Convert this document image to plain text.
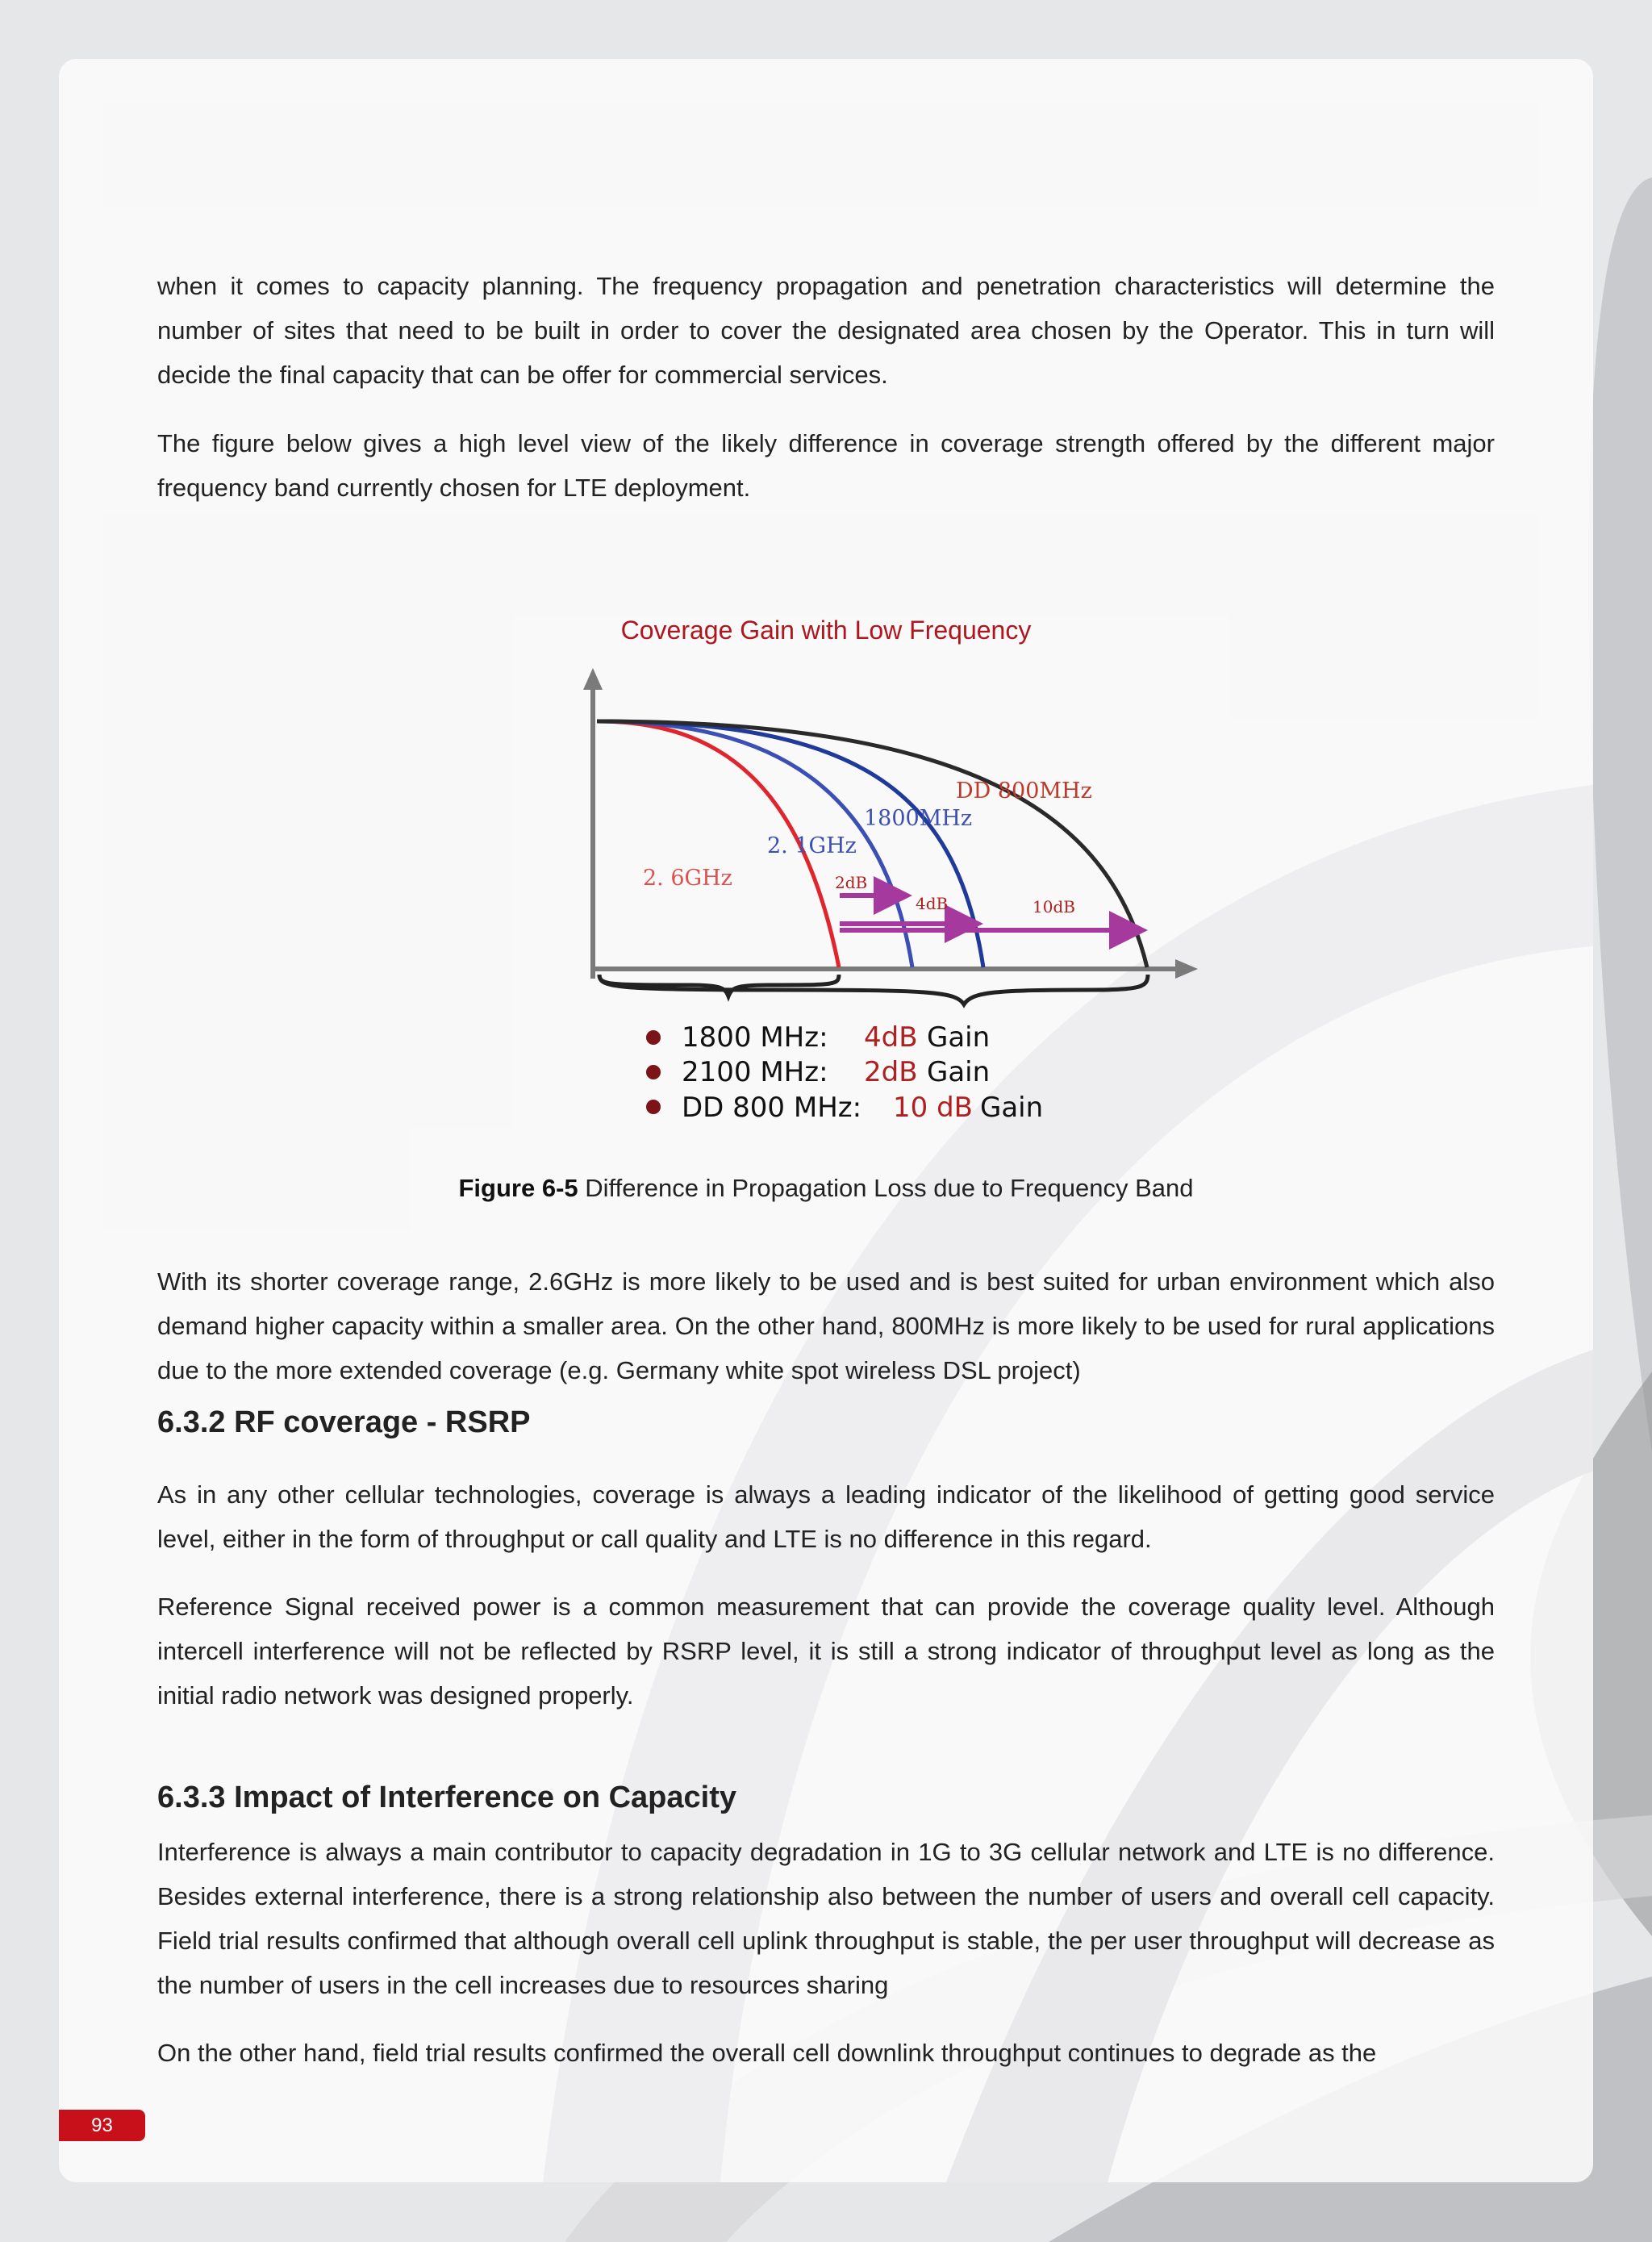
when it comes to capacity planning. The frequency propagation and penetration characteristics will determine the number of sites that need to be built in order to cover the designated area chosen by the Operator. This in turn will decide the final capacity that can be offer for commercial services.

The figure below gives a high level view of the likely difference in coverage strength offered by the different major frequency band currently chosen for LTE deployment.

Coverage Gain with Low Frequency
DD 800MHz
1800MHz
2. 1GHz
2. 6GHz	2dB
4dB	10dB
1800 MHz: 4dB Gain
2100 MHz: 2dB Gain
DD 800 MHz: 10 dB Gain
Figure 6-5 Difference in Propagation Loss due to Frequency Band

With its shorter coverage range, 2.6GHz is more likely to be used and is best suited for urban environment which also demand higher capacity within a smaller area. On the other hand, 800MHz is more likely to be used for rural applications due to the more extended coverage (e.g. Germany white spot wireless DSL project)

6.3.2 RF coverage - RSRP

As in any other cellular technologies, coverage is always a leading indicator of the likelihood of getting good service level, either in the form of throughput or call quality and LTE is no difference in this regard.

Reference Signal received power is a common measurement that can provide the coverage quality level. Although intercell interference will not be reflected by RSRP level, it is still a strong indicator of throughput level as long as the initial radio network was designed properly.

6.3.3 Impact of Interference on Capacity

Interference is always a main contributor to capacity degradation in 1G to 3G cellular network and LTE is no difference. Besides external interference, there is a strong relationship also between the number of users and overall cell capacity. Field trial results confirmed that although overall cell uplink throughput is stable, the per user throughput will decrease as the number of users in the cell increases due to resources sharing

On the other hand, field trial results confirmed the overall cell downlink throughput continues to degrade as the

93
